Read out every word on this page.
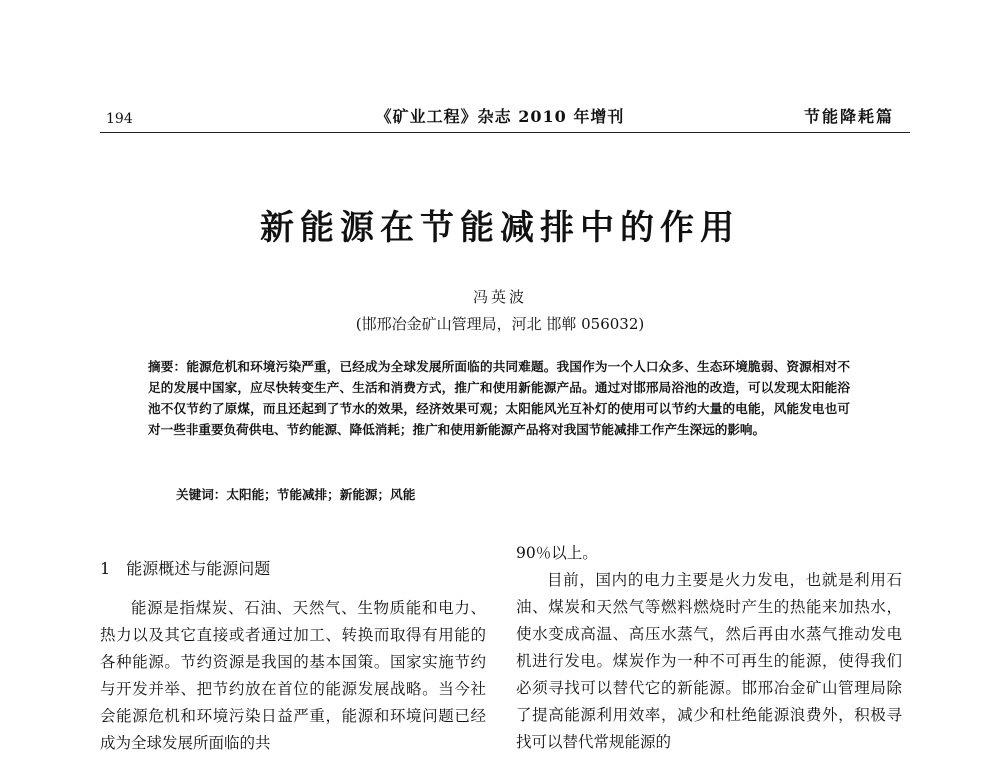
194	《矿业工程》杂志 2010 年增刊	节能降耗篇
新能源在节能减排中的作用
冯英波
(邯邢冶金矿山管理局，河北 邯郸 056032)

摘要：能源危机和环境污染严重，已经成为全球发展所面临的共同难题。我国作为一个人口众多、生态环境脆弱、资源相对不足的发展中国家，应尽快转变生产、生活和消费方式，推广和使用新能源产品。通过对邯邢局浴池的改造，可以发现太阳能浴池不仅节约了原煤，而且还起到了节水的效果，经济效果可观；太阳能风光互补灯的使用可以节约大量的电能，风能发电也可对一些非重要负荷供电、节约能源、降低消耗；推广和使用新能源产品将对我国节能减排工作产生深远的影响。

关键词：太阳能；节能减排；新能源；风能

1 能源概述与能源问题

能源是指煤炭、石油、天然气、生物质能和电力、热力以及其它直接或者通过加工、转换而取得有用能的各种能源。节约资源是我国的基本国策。国家实施节约与开发并举、把节约放在首位的能源发展战略。当今社会能源危机和环境污染日益严重，能源和环境问题已经成为全球发展所面临的共

90％以上。

目前，国内的电力主要是火力发电，也就是利用石油、煤炭和天然气等燃料燃烧时产生的热能来加热水，使水变成高温、高压水蒸气，然后再由水蒸气推动发电机进行发电。煤炭作为一种不可再生的能源，使得我们必须寻找可以替代它的新能源。邯邢冶金矿山管理局除了提高能源利用效率，减少和杜绝能源浪费外，积极寻找可以替代常规能源的
